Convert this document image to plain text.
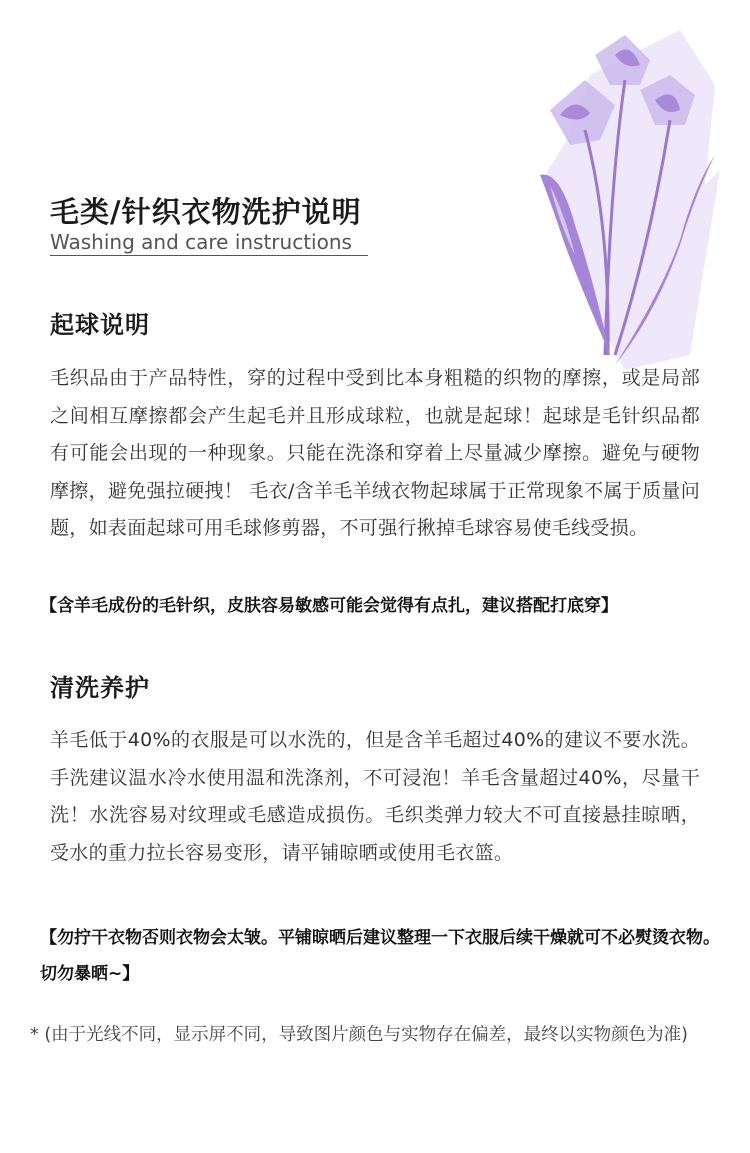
毛类/针织衣物洗护说明
Washing and care instructions
起球说明

毛织品由于产品特性，穿的过程中受到比本身粗糙的织物的摩擦，或是局部之间相互摩擦都会产生起毛并且形成球粒，也就是起球！起球是毛针织品都有可能会出现的一种现象。只能在洗涤和穿着上尽量减少摩擦。避免与硬物摩擦，避免强拉硬拽！ 毛衣/含羊毛羊绒衣物起球属于正常现象不属于质量问题，如表面起球可用毛球修剪器，不可强行揪掉毛球容易使毛线受损。

【含羊毛成份的毛针织，皮肤容易敏感可能会觉得有点扎，建议搭配打底穿】

清洗养护

羊毛低于40%的衣服是可以水洗的，但是含羊毛超过40%的建议不要水洗。手洗建议温水冷水使用温和洗涤剂，不可浸泡！羊毛含量超过40%，尽量干洗！水洗容易对纹理或毛感造成损伤。毛织类弹力较大不可直接悬挂晾晒，受水的重力拉长容易变形，请平铺晾晒或使用毛衣篮。

【勿拧干衣物否则衣物会太皱。平铺晾晒后建议整理一下衣服后续干燥就可不必熨烫衣物。切勿暴晒~】

* (由于光线不同，显示屏不同，导致图片颜色与实物存在偏差，最终以实物颜色为准)
